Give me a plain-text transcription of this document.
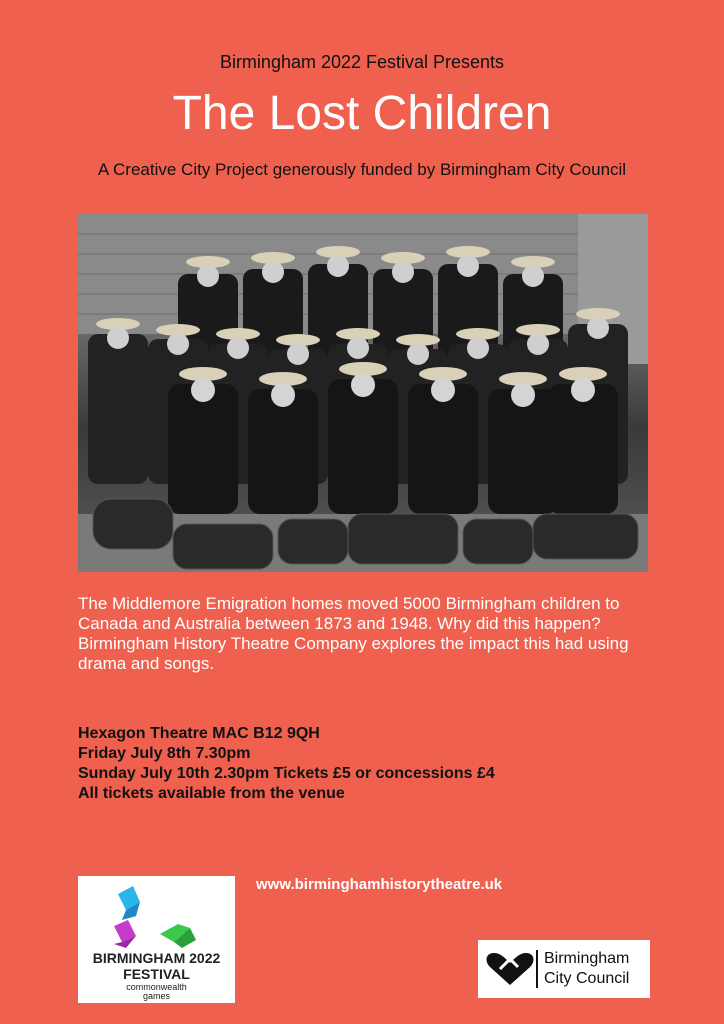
Birmingham 2022 Festival Presents
The Lost Children
A Creative City Project generously funded by Birmingham City Council
The Middlemore Emigration homes moved 5000 Birmingham children to Canada and Australia between 1873 and 1948. Why did this happen? Birmingham History Theatre Company explores the impact this had using drama and songs.
Hexagon Theatre MAC B12 9QH
Friday July 8th 7.30pm
Sunday July 10th 2.30pm Tickets £5 or concessions £4
All tickets available from the venue
www.birminghamhistorytheatre.uk
BIRMINGHAM 2022
FESTIVAL
commonwealth
games
Birmingham
City Council
